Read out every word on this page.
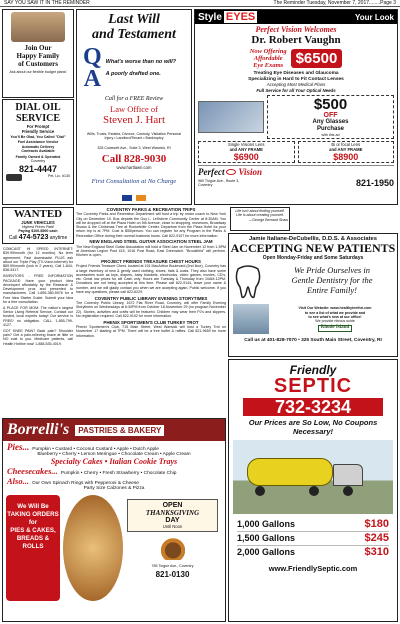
SAY YOU SAW IT IN THE REMINDER	The Reminder Tuesday, November 7, 2017........Page 3
Join Our
Happy Family
of Customers
Ask about our flexible budget plans!
DIAL OIL
SERVICE
For Prompt
Friendly Service
You'll Be Glad, You Called "Dial"
Fuel Assistance Vendor
Automatic Delivery
Contracts Available
Family Owned & Operated
Coventry
821-4447
Pet. Lic. #130
Last Will
and Testament
Q
A
What's worse than no will?
A poorly drafted one.
Call for a FREE Review
Law Office of
Steven J. Hart
Wills, Trusts, Estates, Divorce, Custody, Visitation Personal Injury • Landlord/Tenant • Bankruptcy
328 Cowesett Ave., Suite 3, West Warwick, RI
Call 828-9030
www.hartlawri.com
First Consultation at No Charge

Style EYES	Your Look
Perfect Vision Welcomes
Dr. Robert Vaughn
Now Offering
Affordable
Eye Exams $6500
Treating Eye Diseases and Glaucoma
Specializing in Hard to Fit Contact Lenses
Accepting Most Medical Plans
Full Service for all Your Optical Needs
$500
OFF
Any Glasses
Purchase
with this ad
Single Visions Lens
and ANY FRAME
$6900
Bi or focal Lens
and ANY FRAME
$8900
Perfect Vision
960 Tiogue Ave., Route 3, Coventry	821-1950
WANTED
JUNK VEHICLES
Highest Prices Paid!
Paying $100-$500 cash
Call 474-5723 anytime

COMCAST HI SPEED INTERNET: $39.99/month (for 12 months). No term agreement. Fast downloads! PLUS ask about our Triple Play (TV-Voice-Internet) for $89.99/month (lock in 2 years). Call 1-844-838-5317.

INVENTORS - FREE INFORMATION PACKAGE: Have your product idea developed affordably by the Research & Development pros and presented to manufacturers. Call 1-855-380-5976 for a Free Idea Starter Guide. Submit your idea for a free consultation.

A PLACE FOR MOM: The nation's largest Senior Living Referral Service. Contact our trusted, local experts today! Our service is FREE/ no obligation. CALL 1-855-799-4127.

GOT KNEE PAIN? Back pain? Shoulder pain? Get a pain-relieving brace at little or NO cost to you. Medicare patients, call Health Hotline now! 1-888-535-4019.

COVENTRY PARKS & RECREATION TRIPS

The Coventry Parks and Recreation Department will host a trip by motor coach to New York City on December 10. Bus departs the Guy L. LeSsbvre Community Center at 8:30AM. You will be dropped off at the Plaza Hotel on 5th Avenue, close to shopping, museums, Broadway Shows & the Christmas Tree at Rockefeller Center. Departure from the Plaza Hotel for your return trip is at 7PM. Cost is $55/person. You can register for any Program in the Parks & Recreation Office during their normal business hours. Call 822-9107 for more information.

NEW ENGLAND STEEL GUITAR ASSOCIATION STEEL JAM

The New England Steel Guitar Association will hold a Steel Jam on November 12 from 1-5PM at American Legion Post 415, 1016 Post Road, East Greenwich. "Brookfield" will perform. Kitchen is open.

PROJECT FRIENDS TREASURE CHEST HOURS

Project Friends Treasure Chest, located at 191 MacArthur Boulevard (2nd floor), Coventry has a large inventory of new & gently used clothing, shoes, hats & coats. They also have some accessories such as toys, diapers, baby blankets, electronics, video games, movies, CD's, etc. Great low prices for all! Cash only. Hours are Tuesday & Thursday from 10AM-12PM. Donations are not being accepted at this time. Please call 822-9144, leave your name & number, and we will gladly contact you when we are accepting again. Public welcome. If you have any questions, please call 822-6229.

COVENTRY PUBLIC LIBRARY EVENING STORYTIMES

The Coventry Public Library, 1672 Flat River Road, Coventry, will offer Family Evening Storytimes on Wednesdays at 6:30PM from October 18-November 29 (no program November 22). Stories, activities and crafts will be featured. Children may wear their PJ's and slippers. No registration required. Call 822-9102 for more information.

PHENIX SPORTSMEN'S CLUB TURKEY TROT

Phenix Sportsmen's Club, 715 Main Street, West Warwick will host a Turkey Trot on November 17 starting at 7PM. There will be a free buffet & raffles. Call 821-9659 for more information.

Life isn't about finding yourself. Life is about creating yourself.
—George Bernard Shaw
Jamie Italiane-DeCubellis, D.D.S. & Associates
ACCEPTING NEW PATIENTS
Open Monday-Friday and Some Saturdays
We Pride Ourselves in
Gentle Dentistry for the
Entire Family!
Visit Our Website: www.healthyteethri.com
to see a list of what we provide and
to see what's new at our office!
We provide nitrous oxide
Rhode Island
Call us at 401-828-7070 • 325 South Main Street, Coventry, RI
Friendly
SEPTIC
732-3234
Our Prices are So Low, No Coupons Necessary!
1,000 Gallons	$180
1,500 Gallons	$245
2,000 Gallons	$310
www.FriendlySeptic.com
Borrelli's	PASTRIES & BAKERY
Pies... Pumpkin • Custard • Coconut Custard • Apple • Dutch Apple
Blueberry • Cherry • Lemon Meringue • Chocolate Cream • Apple Cream
Specialty Cakes • Italian Cookie Trays
Cheesecakes... Pumpkin • Cherry • Fresh Strawberry • Chocolate Chip
Also... Our Own Spinach Rings with Pepperoni & Cheese
Party Size Calzones & Pizza
We Will Be
TAKING ORDERS
for
PIES & CAKES,
BREADS &
ROLLS
OPEN
THANKSGIVING
DAY
Until Noon
785 Tiogue Ave., Coventry
821-0130
